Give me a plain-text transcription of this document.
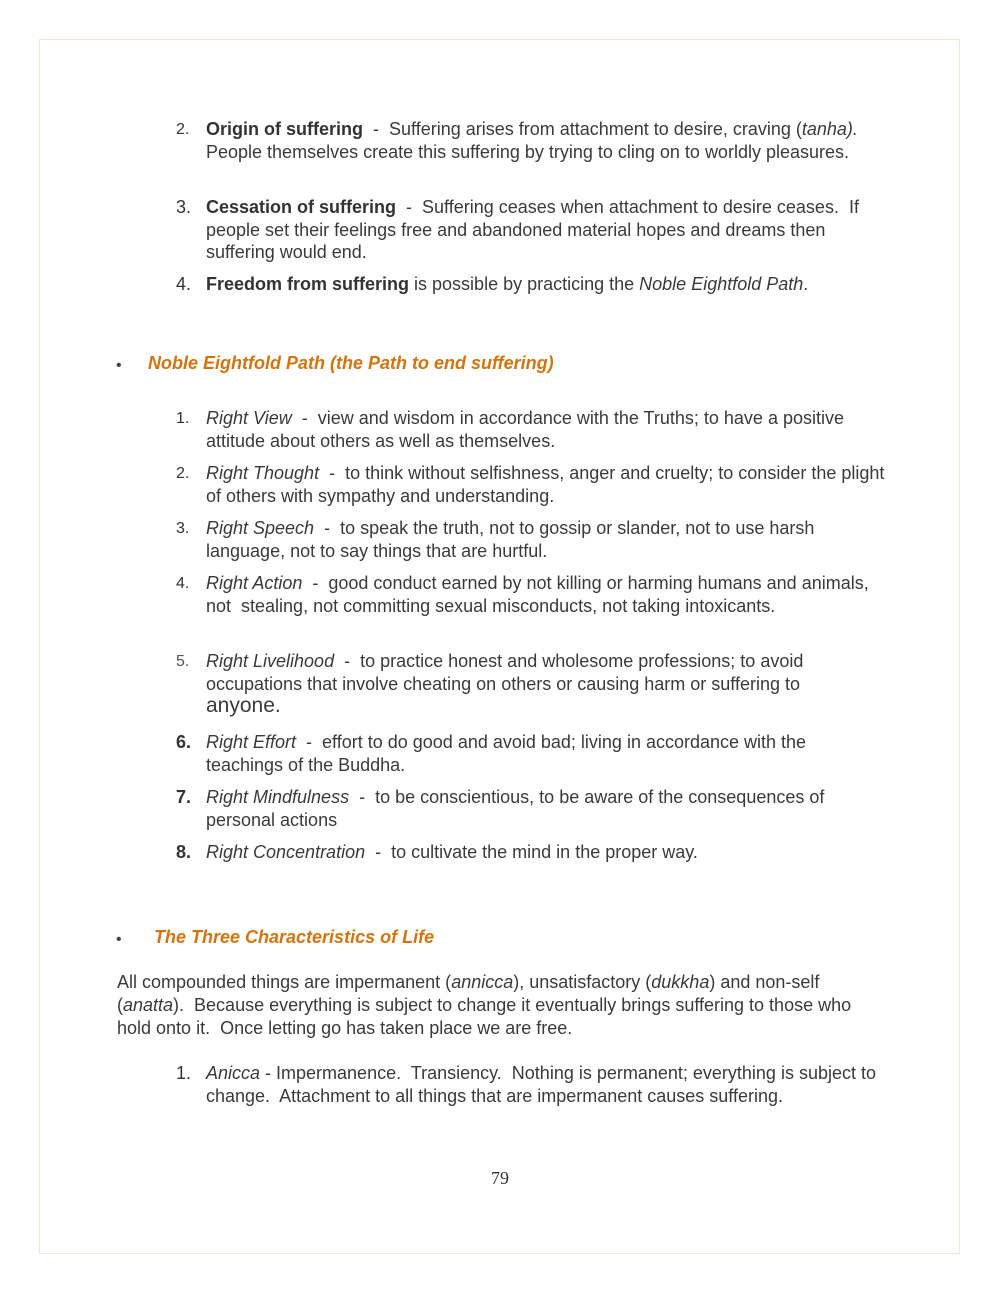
2. Origin of suffering  -  Suffering arises from attachment to desire, craving (tanha).  People themselves create this suffering by trying to cling on to worldly pleasures.
3. Cessation of suffering  -  Suffering ceases when attachment to desire ceases.  If people set their feelings free and abandoned material hopes and dreams then suffering would end.
4. Freedom from suffering is possible by practicing the Noble Eightfold Path.
• Noble Eightfold Path (the Path to end suffering)
1. Right View  -  view and wisdom in accordance with the Truths; to have a positive attitude about others as well as themselves.
2. Right Thought  -  to think without selfishness, anger and cruelty; to consider the plight of others with sympathy and understanding.
3. Right Speech  -  to speak the truth, not to gossip or slander, not to use harsh language, not to say things that are hurtful.
4. Right Action  -  good conduct earned by not killing or harming humans and animals, not  stealing, not committing sexual misconducts, not taking intoxicants.
5. Right Livelihood  -  to practice honest and wholesome professions; to avoid occupations that involve cheating on others or causing harm or suffering to
anyone.
6. Right Effort  -  effort to do good and avoid bad; living in accordance with the teachings of the Buddha.
7. Right Mindfulness  -  to be conscientious, to be aware of the consequences of personal actions
8. Right Concentration  -  to cultivate the mind in the proper way.
• The Three Characteristics of Life
All compounded things are impermanent (annicca), unsatisfactory (dukkha) and non-self (anatta).  Because everything is subject to change it eventually brings suffering to those who hold onto it.  Once letting go has taken place we are free.
1. Anicca - Impermanence.  Transiency.  Nothing is permanent; everything is subject to change.  Attachment to all things that are impermanent causes suffering.
79
